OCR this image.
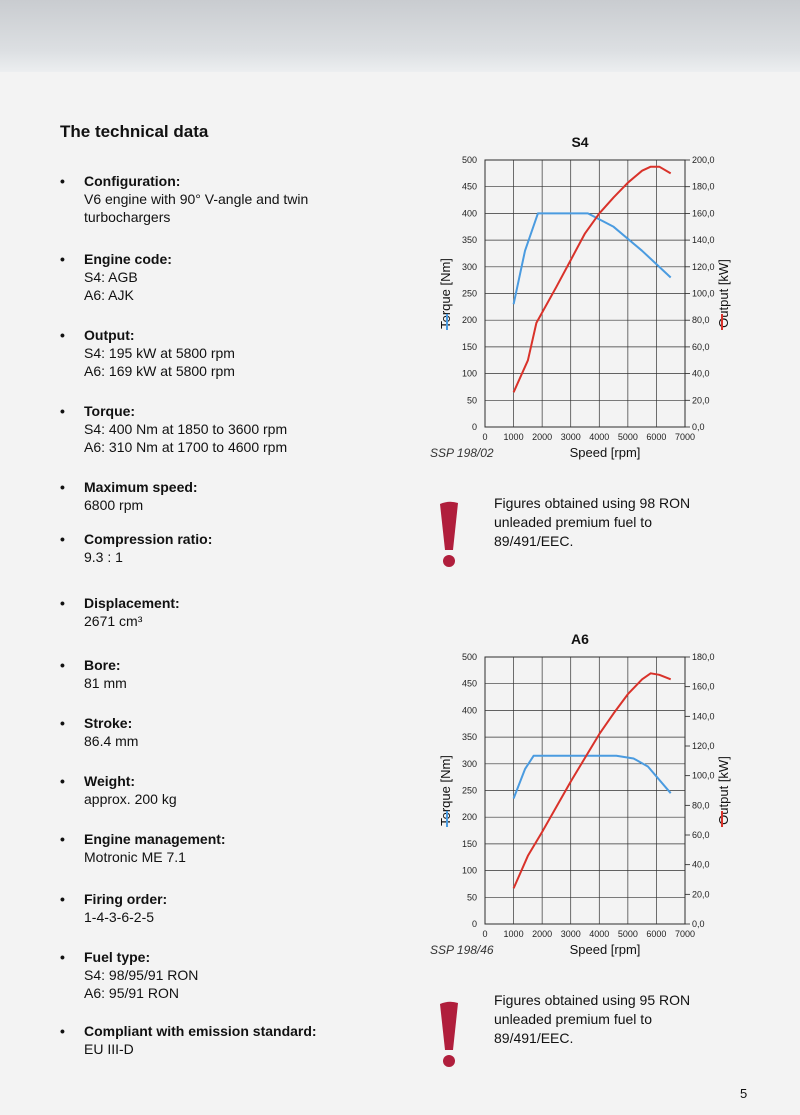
The technical data
• Configuration:
V6 engine with 90° V-angle and twin
turbochargers
• Engine code:
S4: AGB
A6: AJK
• Output:
S4: 195 kW at 5800 rpm
A6: 169 kW at 5800 rpm
• Torque:
S4: 400 Nm at 1850 to 3600 rpm
A6: 310 Nm at 1700 to 4600 rpm
• Maximum speed:
6800 rpm
• Compression ratio:
9.3 : 1
• Displacement:
2671 cm³
• Bore:
81 mm
• Stroke:
86.4 mm
• Weight:
approx. 200 kg
• Engine management:
Motronic ME 7.1
• Firing order:
1-4-3-6-2-5
• Fuel type:
S4: 98/95/91 RON
A6: 95/91 RON
• Compliant with emission standard:
EU III-D
0 1000 2000 3000 4000 5000 6000 7000
0
50
100
150
200
250
300
350
400
450
500
0,0
20,0
40,0
60,0
80,0
100,0
120,0
140,0
160,0
180,0
200,0
S4
Speed [rpm]
SSP 198/02
Torque [Nm]	Output [kW]
0 1000 2000 3000 4000 5000 6000 7000
0
50
100
150
200
250
300
350
400
450
500
0,0
20,0
40,0
60,0
80,0
100,0
120,0
140,0
160,0
180,0
A6
Speed [rpm]
SSP 198/46
Torque [Nm]	Output [kW]
Figures obtained using 98 RON
unleaded premium fuel to
89/491/EEC.
Figures obtained using 95 RON
unleaded premium fuel to
89/491/EEC.
5
